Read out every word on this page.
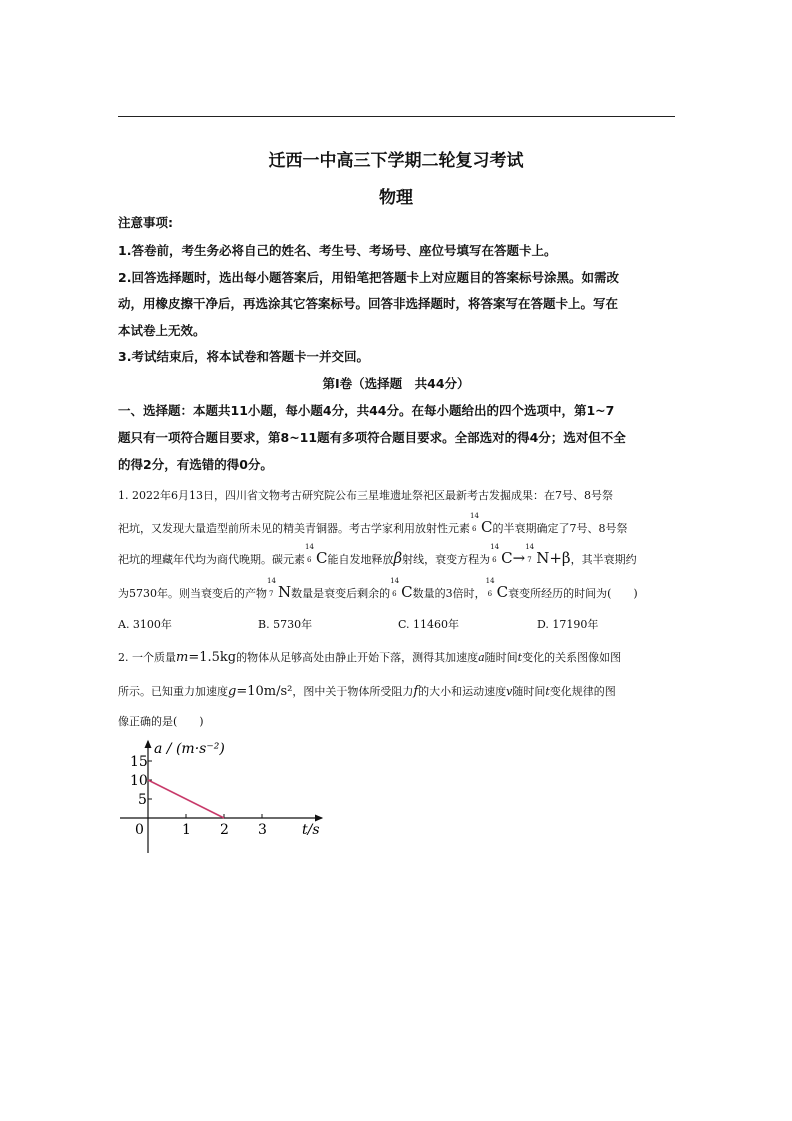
迁西一中高三下学期二轮复习考试
物理
注意事项:
1.答卷前，考生务必将自己的姓名、考生号、考场号、座位号填写在答题卡上。
2.回答选择题时，选出每小题答案后，用铅笔把答题卡上对应题目的答案标号涂黑。如需改
动，用橡皮擦干净后，再选涂其它答案标号。回答非选择题时，将答案写在答题卡上。写在
本试卷上无效。
3.考试结束后，将本试卷和答题卡一并交回。
第Ⅰ卷（选择题　共44分）
一、选择题：本题共11小题，每小题4分，共44分。在每小题给出的四个选项中，第1~7
题只有一项符合题目要求，第8~11题有多项符合题目要求。全部选对的得4分；选对但不全
的得2分，有选错的得0分。
1. 2022年6月13日，四川省文物考古研究院公布三星堆遗址祭祀区最新考古发掘成果：在7号、8号祭
祀坑，又发现大量造型前所未见的精美青铜器。考古学家利用放射性元素
14
6 C的半衰期确定了7号、8号祭
祀坑的埋藏年代均为商代晚期。碳元素
14
6 C能自发地释放β射线，衰变方程为
14
6 C→
14
7 N+β，其半衰期约
为5730年。则当衰变后的产物
14
7 N数量是衰变后剩余的
14
6 C数量的3倍时，
14
6 C衰变所经历的时间为(　　)
A. 3100年	B. 5730年	C. 11460年	D. 17190年
2. 一个质量m=1.5kg的物体从足够高处由静止开始下落，测得其加速度a随时间t变化的关系图像如图
所示。已知重力加速度g=10m/s²，图中关于物体所受阻力f的大小和运动速度v随时间t变化规律的图
像正确的是(　　)
a / (m·s⁻²)
t/s
0	1 2 3
5
10
15
